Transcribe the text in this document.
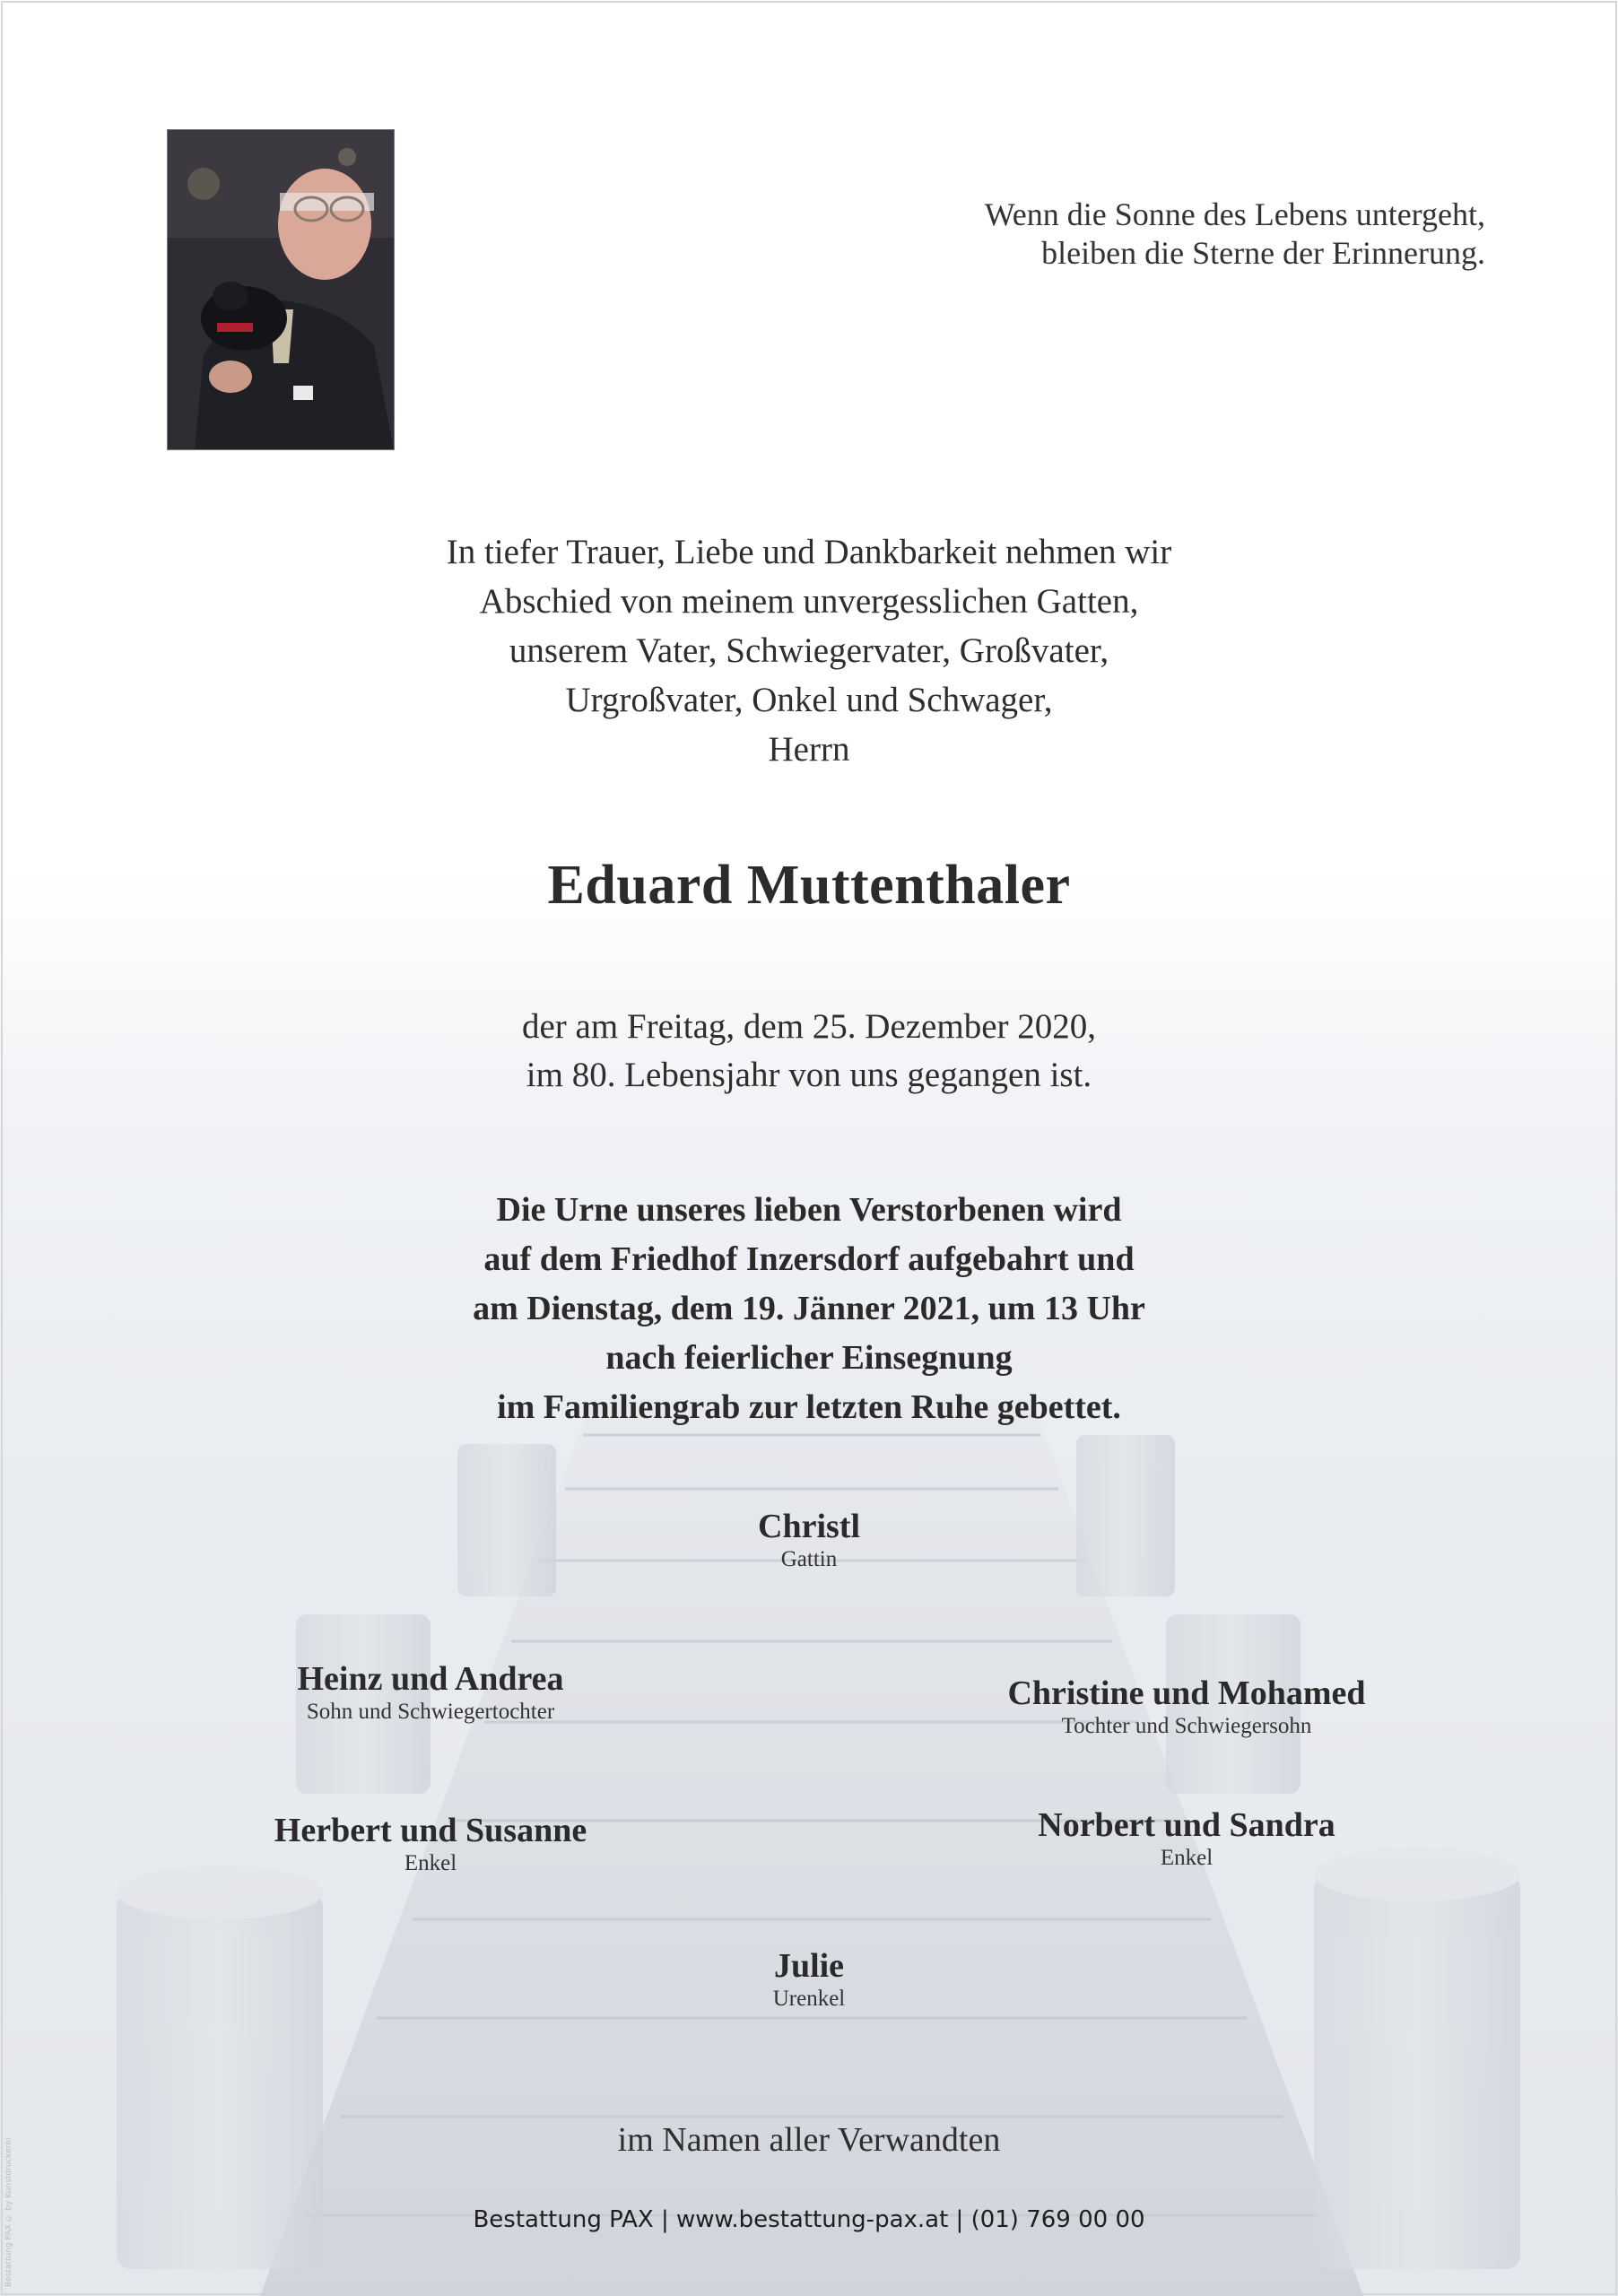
Wenn die Sonne des Lebens untergeht,
bleiben die Sterne der Erinnerung.
In tiefer Trauer, Liebe und Dankbarkeit nehmen wir
Abschied von meinem unvergesslichen Gatten,
unserem Vater, Schwiegervater, Großvater,
Urgroßvater, Onkel und Schwager,
Herrn
Eduard Muttenthaler
der am Freitag, dem 25. Dezember 2020,
im 80. Lebensjahr von uns gegangen ist.
Die Urne unseres lieben Verstorbenen wird
auf dem Friedhof Inzersdorf aufgebahrt und
am Dienstag, dem 19. Jänner 2021, um 13 Uhr
nach feierlicher Einsegnung
im Familiengrab zur letzten Ruhe gebettet.
Christl
Gattin
Heinz und Andrea
Sohn und Schwiegertochter	Christine und Mohamed
Tochter und Schwiegersohn
Herbert und Susanne
Enkel
Norbert und Sandra
Enkel
Julie
Urenkel
im Namen aller Verwandten
Bestattung PAX | www.bestattung-pax.at | (01) 769 00 00
Bestattung PAX © by Kunstdruckerei
